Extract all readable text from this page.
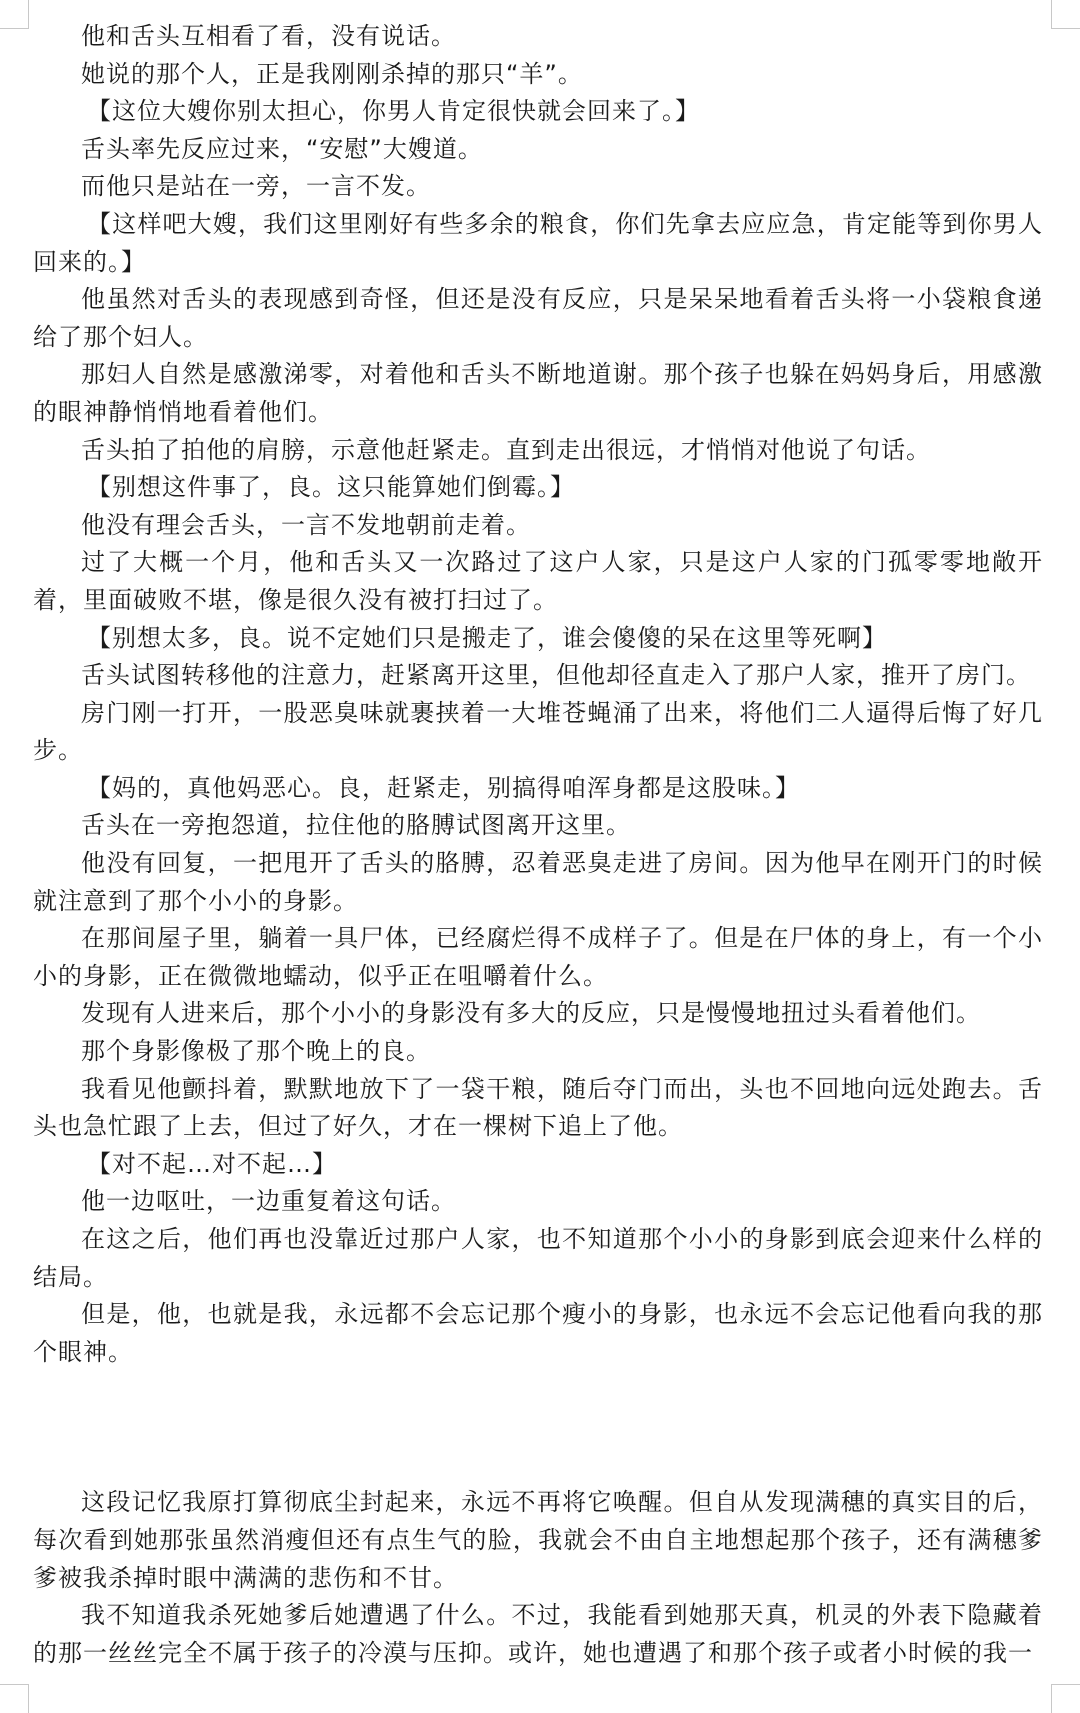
他和舌头互相看了看，没有说话。

她说的那个人，正是我刚刚杀掉的那只“羊”。

【这位大嫂你别太担心，你男人肯定很快就会回来了。】

舌头率先反应过来，“安慰”大嫂道。

而他只是站在一旁，一言不发。

【这样吧大嫂，我们这里刚好有些多余的粮食，你们先拿去应应急，肯定能等到你男人回来的。】

他虽然对舌头的表现感到奇怪，但还是没有反应，只是呆呆地看着舌头将一小袋粮食递给了那个妇人。

那妇人自然是感激涕零，对着他和舌头不断地道谢。那个孩子也躲在妈妈身后，用感激的眼神静悄悄地看着他们。

舌头拍了拍他的肩膀，示意他赶紧走。直到走出很远，才悄悄对他说了句话。

【别想这件事了，良。这只能算她们倒霉。】

他没有理会舌头，一言不发地朝前走着。

过了大概一个月，他和舌头又一次路过了这户人家，只是这户人家的门孤零零地敞开着，里面破败不堪，像是很久没有被打扫过了。

【别想太多，良。说不定她们只是搬走了，谁会傻傻的呆在这里等死啊】

舌头试图转移他的注意力，赶紧离开这里，但他却径直走入了那户人家，推开了房门。

房门刚一打开，一股恶臭味就裹挟着一大堆苍蝇涌了出来，将他们二人逼得后悔了好几步。

【妈的，真他妈恶心。良，赶紧走，别搞得咱浑身都是这股味。】

舌头在一旁抱怨道，拉住他的胳膊试图离开这里。

他没有回复，一把甩开了舌头的胳膊，忍着恶臭走进了房间。因为他早在刚开门的时候就注意到了那个小小的身影。

在那间屋子里，躺着一具尸体，已经腐烂得不成样子了。但是在尸体的身上，有一个小小的身影，正在微微地蠕动，似乎正在咀嚼着什么。

发现有人进来后，那个小小的身影没有多大的反应，只是慢慢地扭过头看着他们。

那个身影像极了那个晚上的良。

我看见他颤抖着，默默地放下了一袋干粮，随后夺门而出，头也不回地向远处跑去。舌头也急忙跟了上去，但过了好久，才在一棵树下追上了他。

【对不起…对不起…】

他一边呕吐，一边重复着这句话。

在这之后，他们再也没靠近过那户人家，也不知道那个小小的身影到底会迎来什么样的结局。

但是，他，也就是我，永远都不会忘记那个瘦小的身影，也永远不会忘记他看向我的那个眼神。

这段记忆我原打算彻底尘封起来，永远不再将它唤醒。但自从发现满穗的真实目的后，每次看到她那张虽然消瘦但还有点生气的脸，我就会不由自主地想起那个孩子，还有满穗爹爹被我杀掉时眼中满满的悲伤和不甘。

我不知道我杀死她爹后她遭遇了什么。不过，我能看到她那天真，机灵的外表下隐藏着的那一丝丝完全不属于孩子的冷漠与压抑。或许，她也遭遇了和那个孩子或者小时候的我一
